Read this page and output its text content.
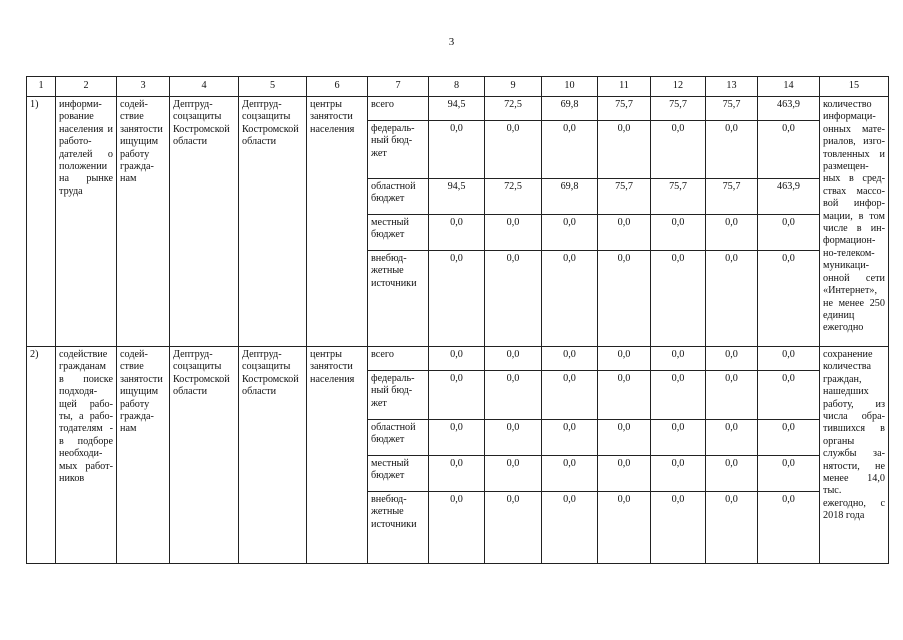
3
1	2	3	4	5	6	7	8	9	10	11	12	13	14	15
1)	информи-рование населения и работо-дателей о положении на рынке труда	содей-ствие занятости ищущим работу гражда-нам	Дептруд-соцзащиты Костромской области	Дептруд-соцзащиты Костромской области	центры занятости населения	всего	94,5	72,5	69,8	75,7	75,7	75,7	463,9	количество информаци-онных мате-риалов, изго-товленных и размещен-ных в сред-ствах массо-вой инфор-мации, в том числе в ин-формацион-но-телеком-муникаци-онной сети «Интернет», не менее 250 единиц ежегодно
						федераль-ный бюд-жет	0,0	0,0	0,0	0,0	0,0	0,0	0,0	
						областной бюджет	94,5	72,5	69,8	75,7	75,7	75,7	463,9	
						местный бюджет	0,0	0,0	0,0	0,0	0,0	0,0	0,0	
						внебюд-жетные источники	0,0	0,0	0,0	0,0	0,0	0,0	0,0	
2)	содействие гражданам в поиске подходя-щей рабо-ты, а рабо-тодателям - в подборе необходи-мых работ-ников	содей-ствие занятости ищущим работу гражда-нам	Дептруд-соцзащиты Костромской области	Дептруд-соцзащиты Костромской области	центры занятости населения	всего	0,0	0,0	0,0	0,0	0,0	0,0	0,0	сохранение количества граждан, нашедших работу, из числа обра-тившихся в органы службы за-нятости, не менее 14,0 тыс. ежегодно, с 2018 года
						федераль-ный бюд-жет	0,0	0,0	0,0	0,0	0,0	0,0	0,0	
						областной бюджет	0,0	0,0	0,0	0,0	0,0	0,0	0,0	
						местный бюджет	0,0	0,0	0,0	0,0	0,0	0,0	0,0	
						внебюд-жетные источники	0,0	0,0	0,0	0,0	0,0	0,0	0,0	
